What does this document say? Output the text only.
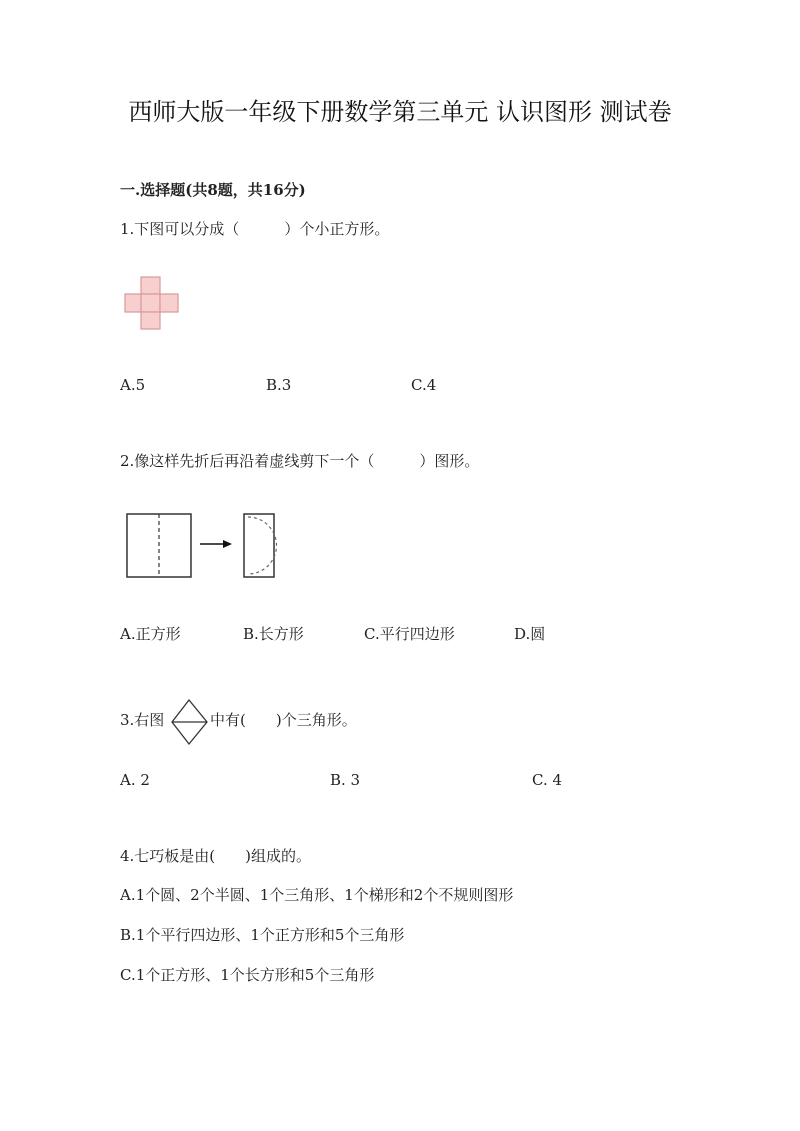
西师大版一年级下册数学第三单元 认识图形 测试卷
一.选择题(共8题，共16分)
1.下图可以分成（　　　）个小正方形。
A.5	B.3	C.4
2.像这样先折后再沿着虚线剪下一个（　　　）图形。
A.正方形	B.长方形	C.平行四边形	D.圆
3.右图	中有(　　)个三角形。
A. 2	B. 3	C. 4
4.七巧板是由(　　)组成的。
A.1个圆、2个半圆、1个三角形、1个梯形和2个不规则图形
B.1个平行四边形、1个正方形和5个三角形
C.1个正方形、1个长方形和5个三角形
